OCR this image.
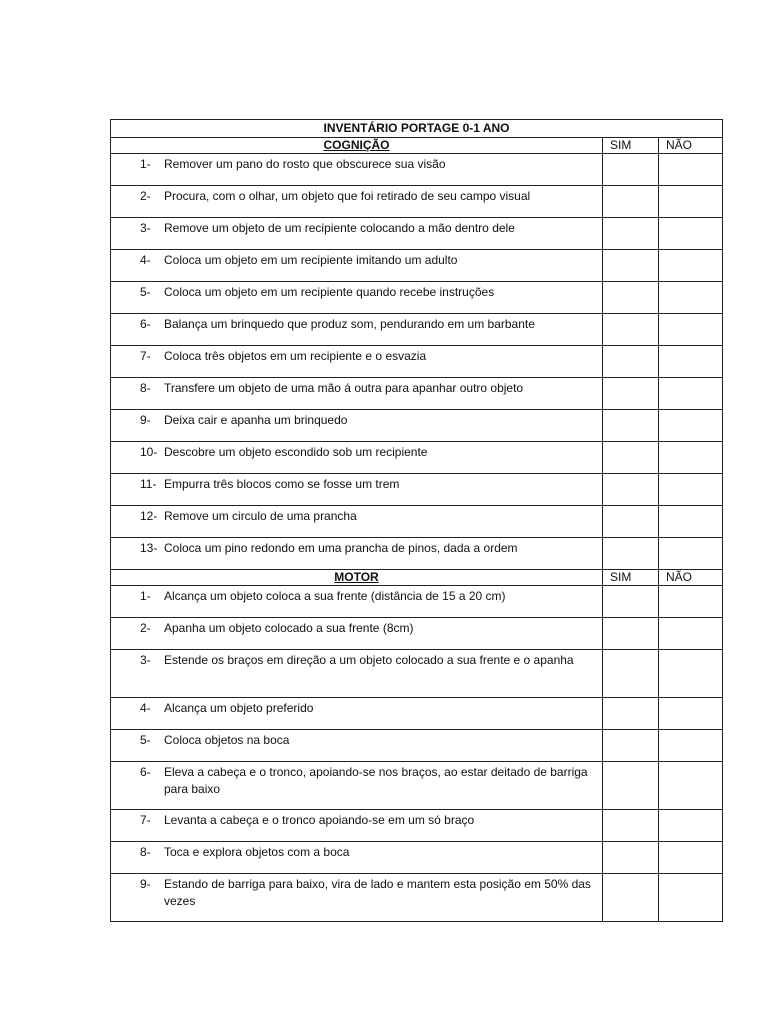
INVENTÁRIO PORTAGE 0-1 ANO		
COGNIÇÃO	SIM	NÃO

1- Remover um pano do rosto que obscurece sua visão		

2- Procura, com o olhar, um objeto que foi retirado de seu campo visual		

3- Remove um objeto de um recipiente colocando a mão dentro dele		

4- Coloca um objeto em um recipiente imitando um adulto		

5- Coloca um objeto em um recipiente quando recebe instruções		

6- Balança um brinquedo que produz som, pendurando em um barbante		

7- Coloca três objetos em um recipiente e o esvazia		

8- Transfere um objeto de uma mão á outra para apanhar outro objeto		

9- Deixa cair e apanha um brinquedo		

10- Descobre um objeto escondido sob um recipiente		

11- Empurra três blocos como se fosse um trem		

12- Remove um circulo de uma prancha		

13- Coloca um pino redondo em uma prancha de pinos, dada a ordem		

MOTOR	SIM	NÃO

1- Alcança um objeto coloca a sua frente (distância de 15 a 20 cm)		

2- Apanha um objeto colocado a sua frente (8cm)		

3- Estende os braços em direção a um objeto colocado a sua frente e o apanha		

4- Alcança um objeto preferido		

5- Coloca objetos na boca		

6- Eleva a cabeça e o tronco, apoiando-se nos braços, ao estar deitado de barriga para baixo		

7- Levanta a cabeça e o tronco apoiando-se em um só braço		

8- Toca e explora objetos com a boca		

9- Estando de barriga para baixo, vira de lado e mantem esta posição em 50% das vezes		
